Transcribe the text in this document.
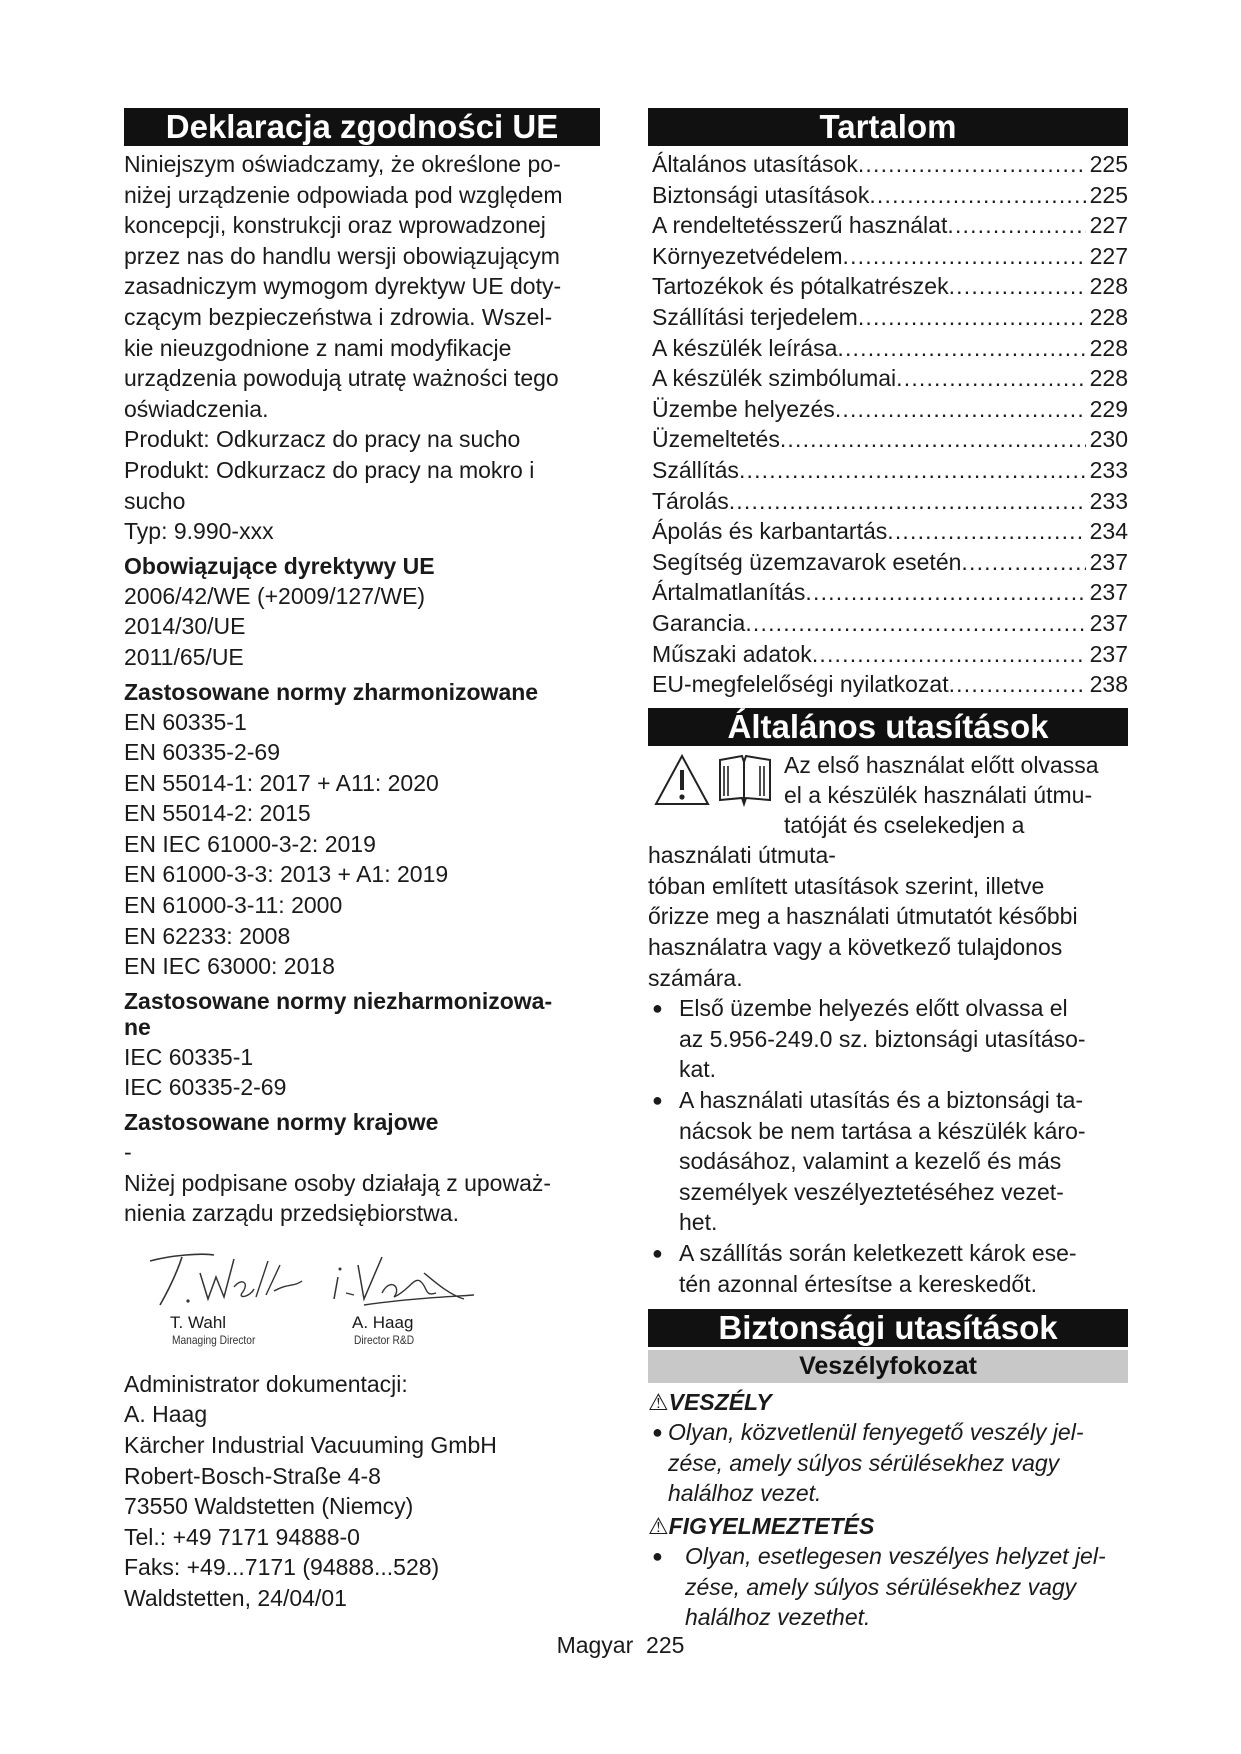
Deklaracja zgodności UE
Niniejszym oświadczamy, że określone po-
niżej urządzenie odpowiada pod względem
koncepcji, konstrukcji oraz wprowadzonej
przez nas do handlu wersji obowiązującym
zasadniczym wymogom dyrektyw UE doty-
czącym bezpieczeństwa i zdrowia. Wszel-
kie nieuzgodnione z nami modyfikacje
urządzenia powodują utratę ważności tego
oświadczenia.
Produkt: Odkurzacz do pracy na sucho
Produkt: Odkurzacz do pracy na mokro i
sucho
Typ: 9.990-xxx
Obowiązujące dyrektywy UE
2006/42/WE (+2009/127/WE)
2014/30/UE
2011/65/UE
Zastosowane normy zharmonizowane
EN 60335-1
EN 60335-2-69
EN 55014-1: 2017 + A11: 2020
EN 55014-2: 2015
EN IEC 61000-3-2: 2019
EN 61000-3-3: 2013 + A1: 2019
EN 61000-3-11: 2000
EN 62233: 2008
EN IEC 63000: 2018
Zastosowane normy niezharmonizowa-
ne
IEC 60335-1
IEC 60335-2-69
Zastosowane normy krajowe
-
Niżej podpisane osoby działają z upoważ-
nienia zarządu przedsiębiorstwa.
T. Wahl
Managing Director
A. Haag
Director R&D
Administrator dokumentacji:
A. Haag
Kärcher Industrial Vacuuming GmbH
Robert-Bosch-Straße 4-8
73550 Waldstetten (Niemcy)
Tel.: +49 7171 94888-0
Faks: +49...7171 (94888...528)
Waldstetten, 24/04/01
Tartalom
Általános utasítások . . .	225
Biztonsági utasítások . . .	225
A rendeltetésszerű használat . . .	227
Környezetvédelem . . .	227
Tartozékok és pótalkatrészek . . .	228
Szállítási terjedelem . . .	228
A készülék leírása . . .	228
A készülék szimbólumai . . .	228
Üzembe helyezés . . .	229
Üzemeltetés . . .	230
Szállítás . . .	233
Tárolás . . .	233
Ápolás és karbantartás . . .	234
Segítség üzemzavarok esetén . . .	237
Ártalmatlanítás . . .	237
Garancia . . .	237
Műszaki adatok . . .	237
EU-megfelelőségi nyilatkozat . . .	238
Általános utasítások
Az első használat előtt olvassa
el a készülék használati útmu-
tatóját és cselekedjen a használati útmuta-
tóban említett utasítások szerint, illetve
őrizze meg a használati útmutatót későbbi
használatra vagy a következő tulajdonos
számára.
● Első üzembe helyezés előtt olvassa el
az 5.956-249.0 sz. biztonsági utasításo-
kat.
● A használati utasítás és a biztonsági ta-
nácsok be nem tartása a készülék káro-
sodásához, valamint a kezelő és más
személyek veszélyeztetéséhez vezet-
het.
● A szállítás során keletkezett károk ese-
tén azonnal értesítse a kereskedőt.
Biztonsági utasítások
Veszélyfokozat
⚠VESZÉLY
● Olyan, közvetlenül fenyegető veszély jel-
zése, amely súlyos sérülésekhez vagy
halálhoz vezet.
⚠FIGYELMEZTETÉS
● Olyan, esetlegesen veszélyes helyzet jel-
zése, amely súlyos sérülésekhez vagy
halálhoz vezethet.
Magyar 225
